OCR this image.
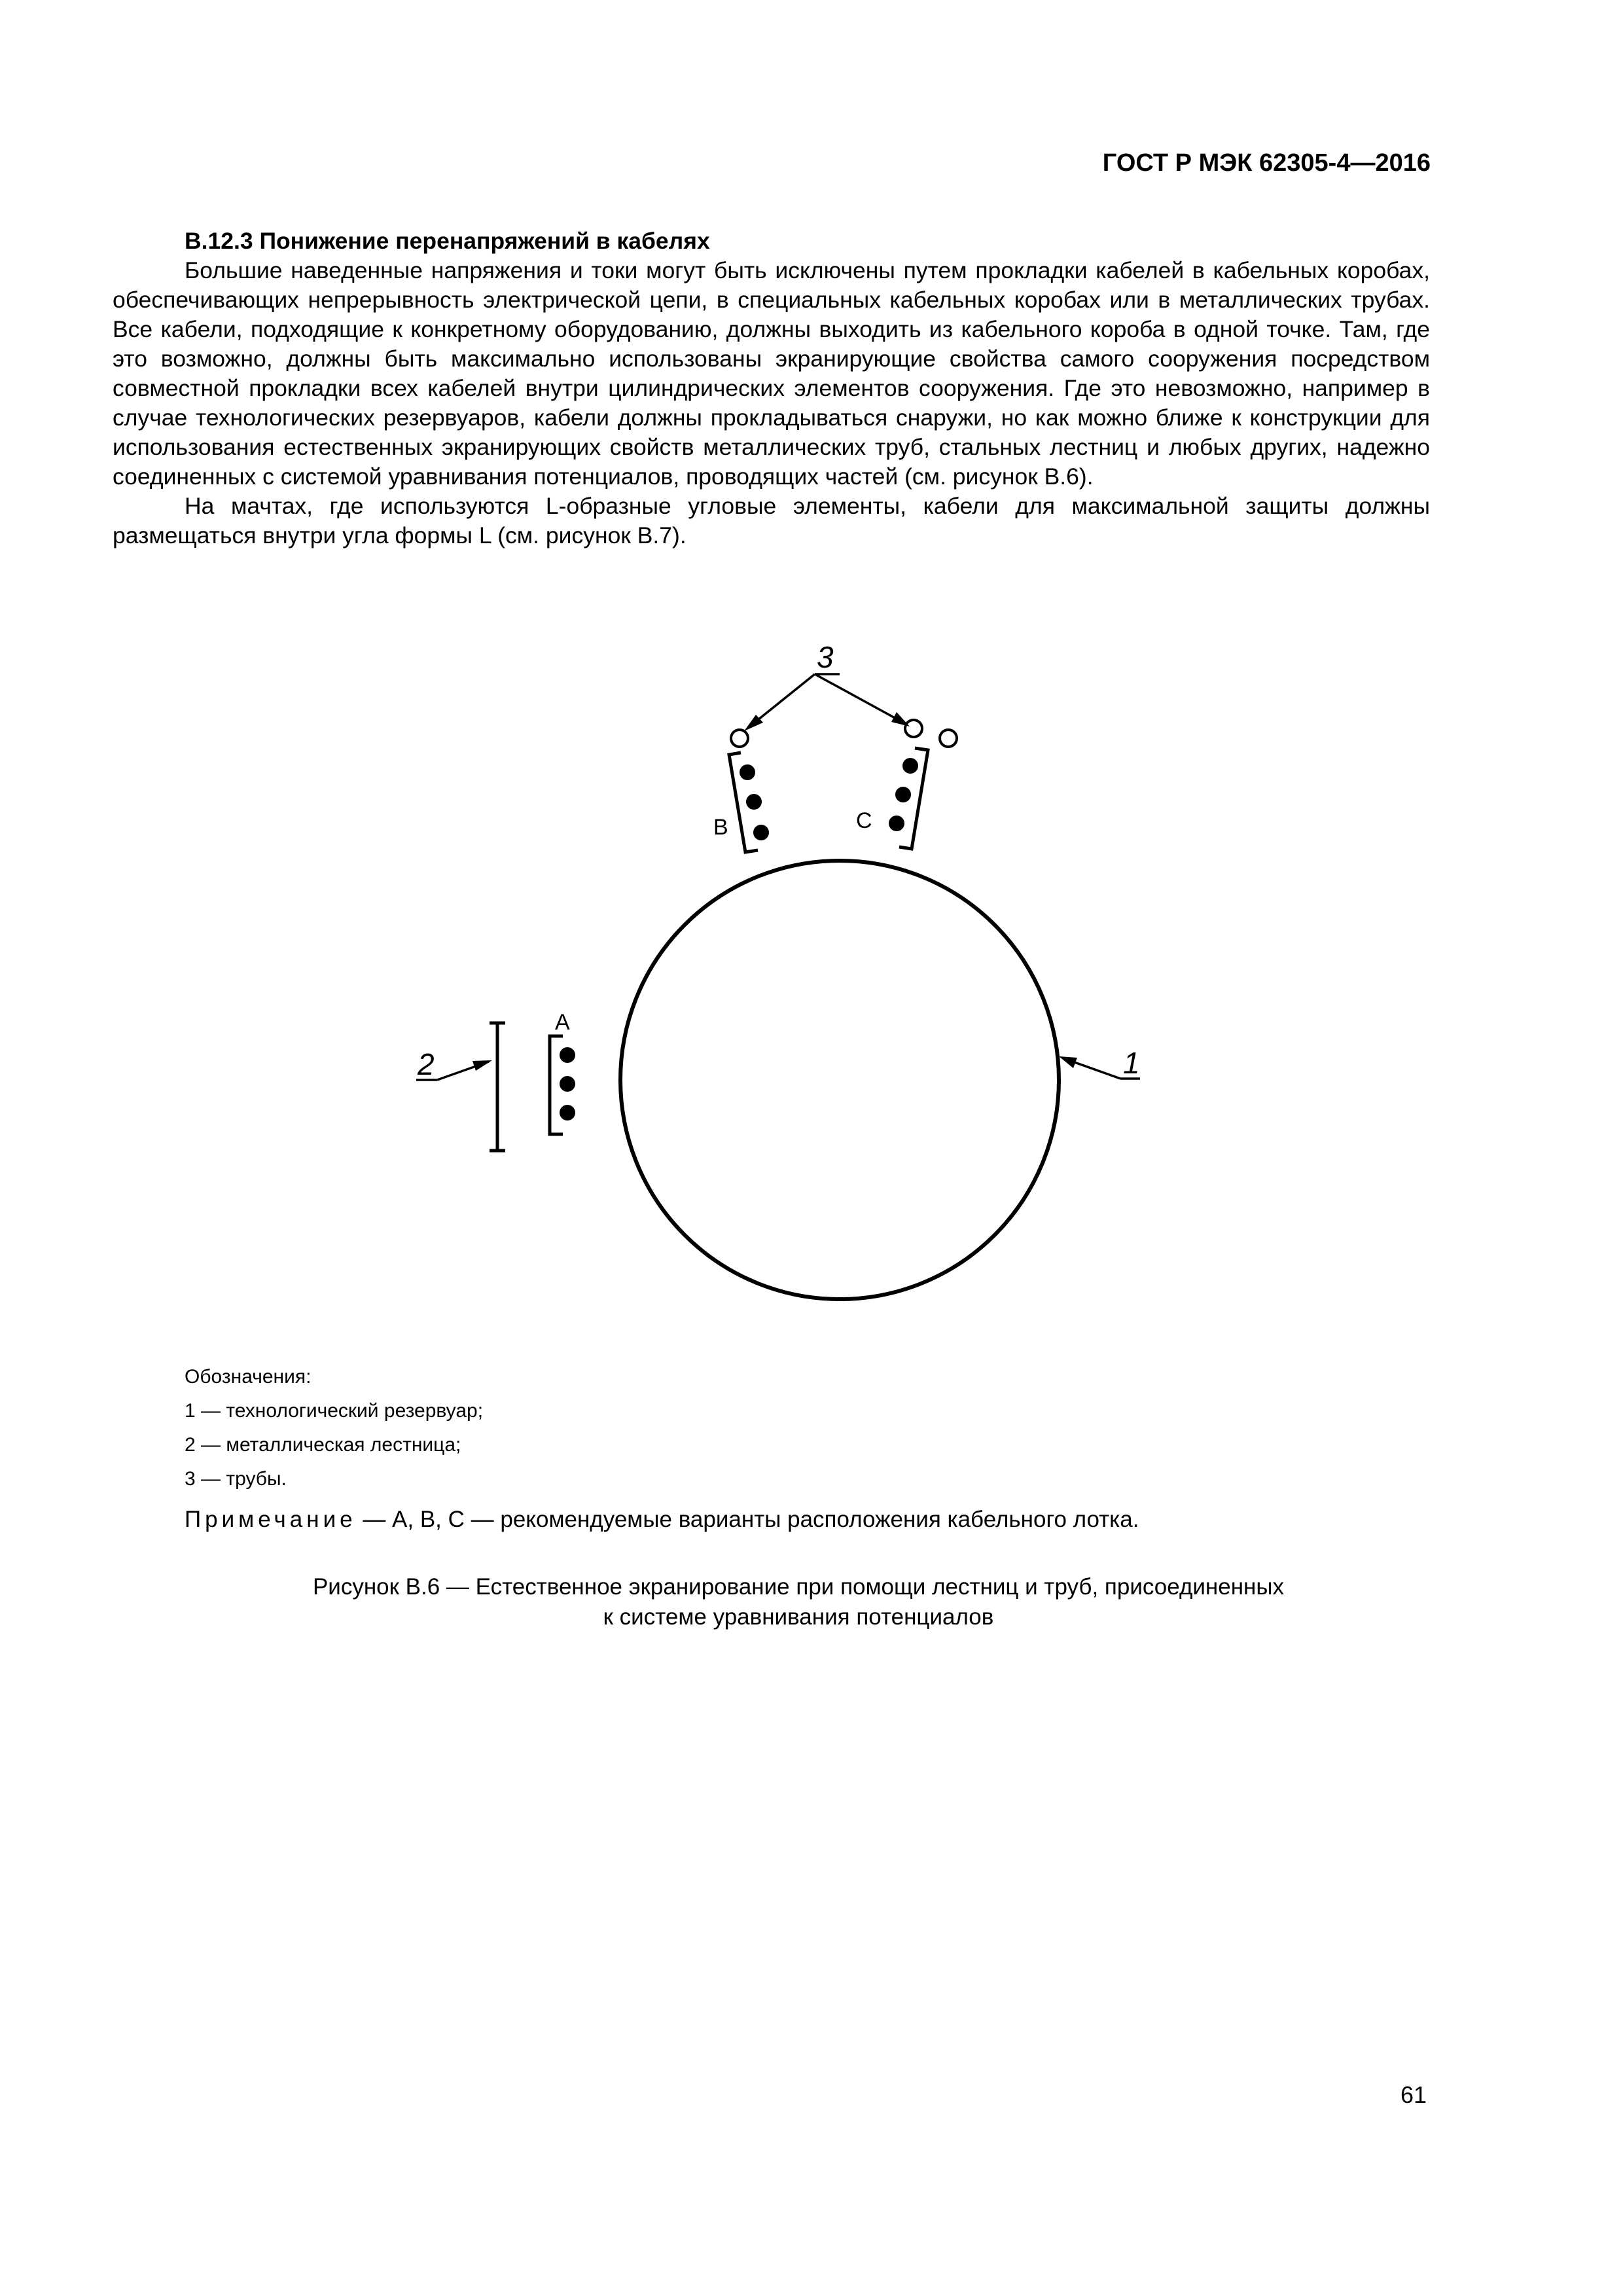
ГОСТ Р МЭК 62305-4—2016
B.12.3 Понижение перенапряжений в кабелях

Большие наведенные напряжения и токи могут быть исключены путем прокладки кабелей в кабельных коробах, обеспечивающих непрерывность электрической цепи, в специальных кабельных коробах или в металлических трубах. Все кабели, подходящие к конкретному оборудованию, должны выходить из кабельного короба в одной точке. Там, где это возможно, должны быть максимально использованы экранирующие свойства самого сооружения посредством совместной прокладки всех кабелей внутри цилиндрических элементов сооружения. Где это невозможно, например в случае технологических резервуаров, кабели должны прокладываться снаружи, но как можно ближе к конструкции для использования естественных экранирующих свойств металлических труб, стальных лестниц и любых других, надежно соединенных с системой уравнивания потенциалов, проводящих частей (см. рисунок B.6).

На мачтах, где используются L-образные угловые элементы, кабели для максимальной защиты должны размещаться внутри угла формы L (см. рисунок B.7).

1
2
A
B	C
3
Обозначения:
1 — технологический резервуар;
2 — металлическая лестница;
3 — трубы.
Примечание — A, B, C — рекомендуемые варианты расположения кабельного лотка.
Рисунок B.6 — Естественное экранирование при помощи лестниц и труб, присоединенных
к системе уравнивания потенциалов
61
